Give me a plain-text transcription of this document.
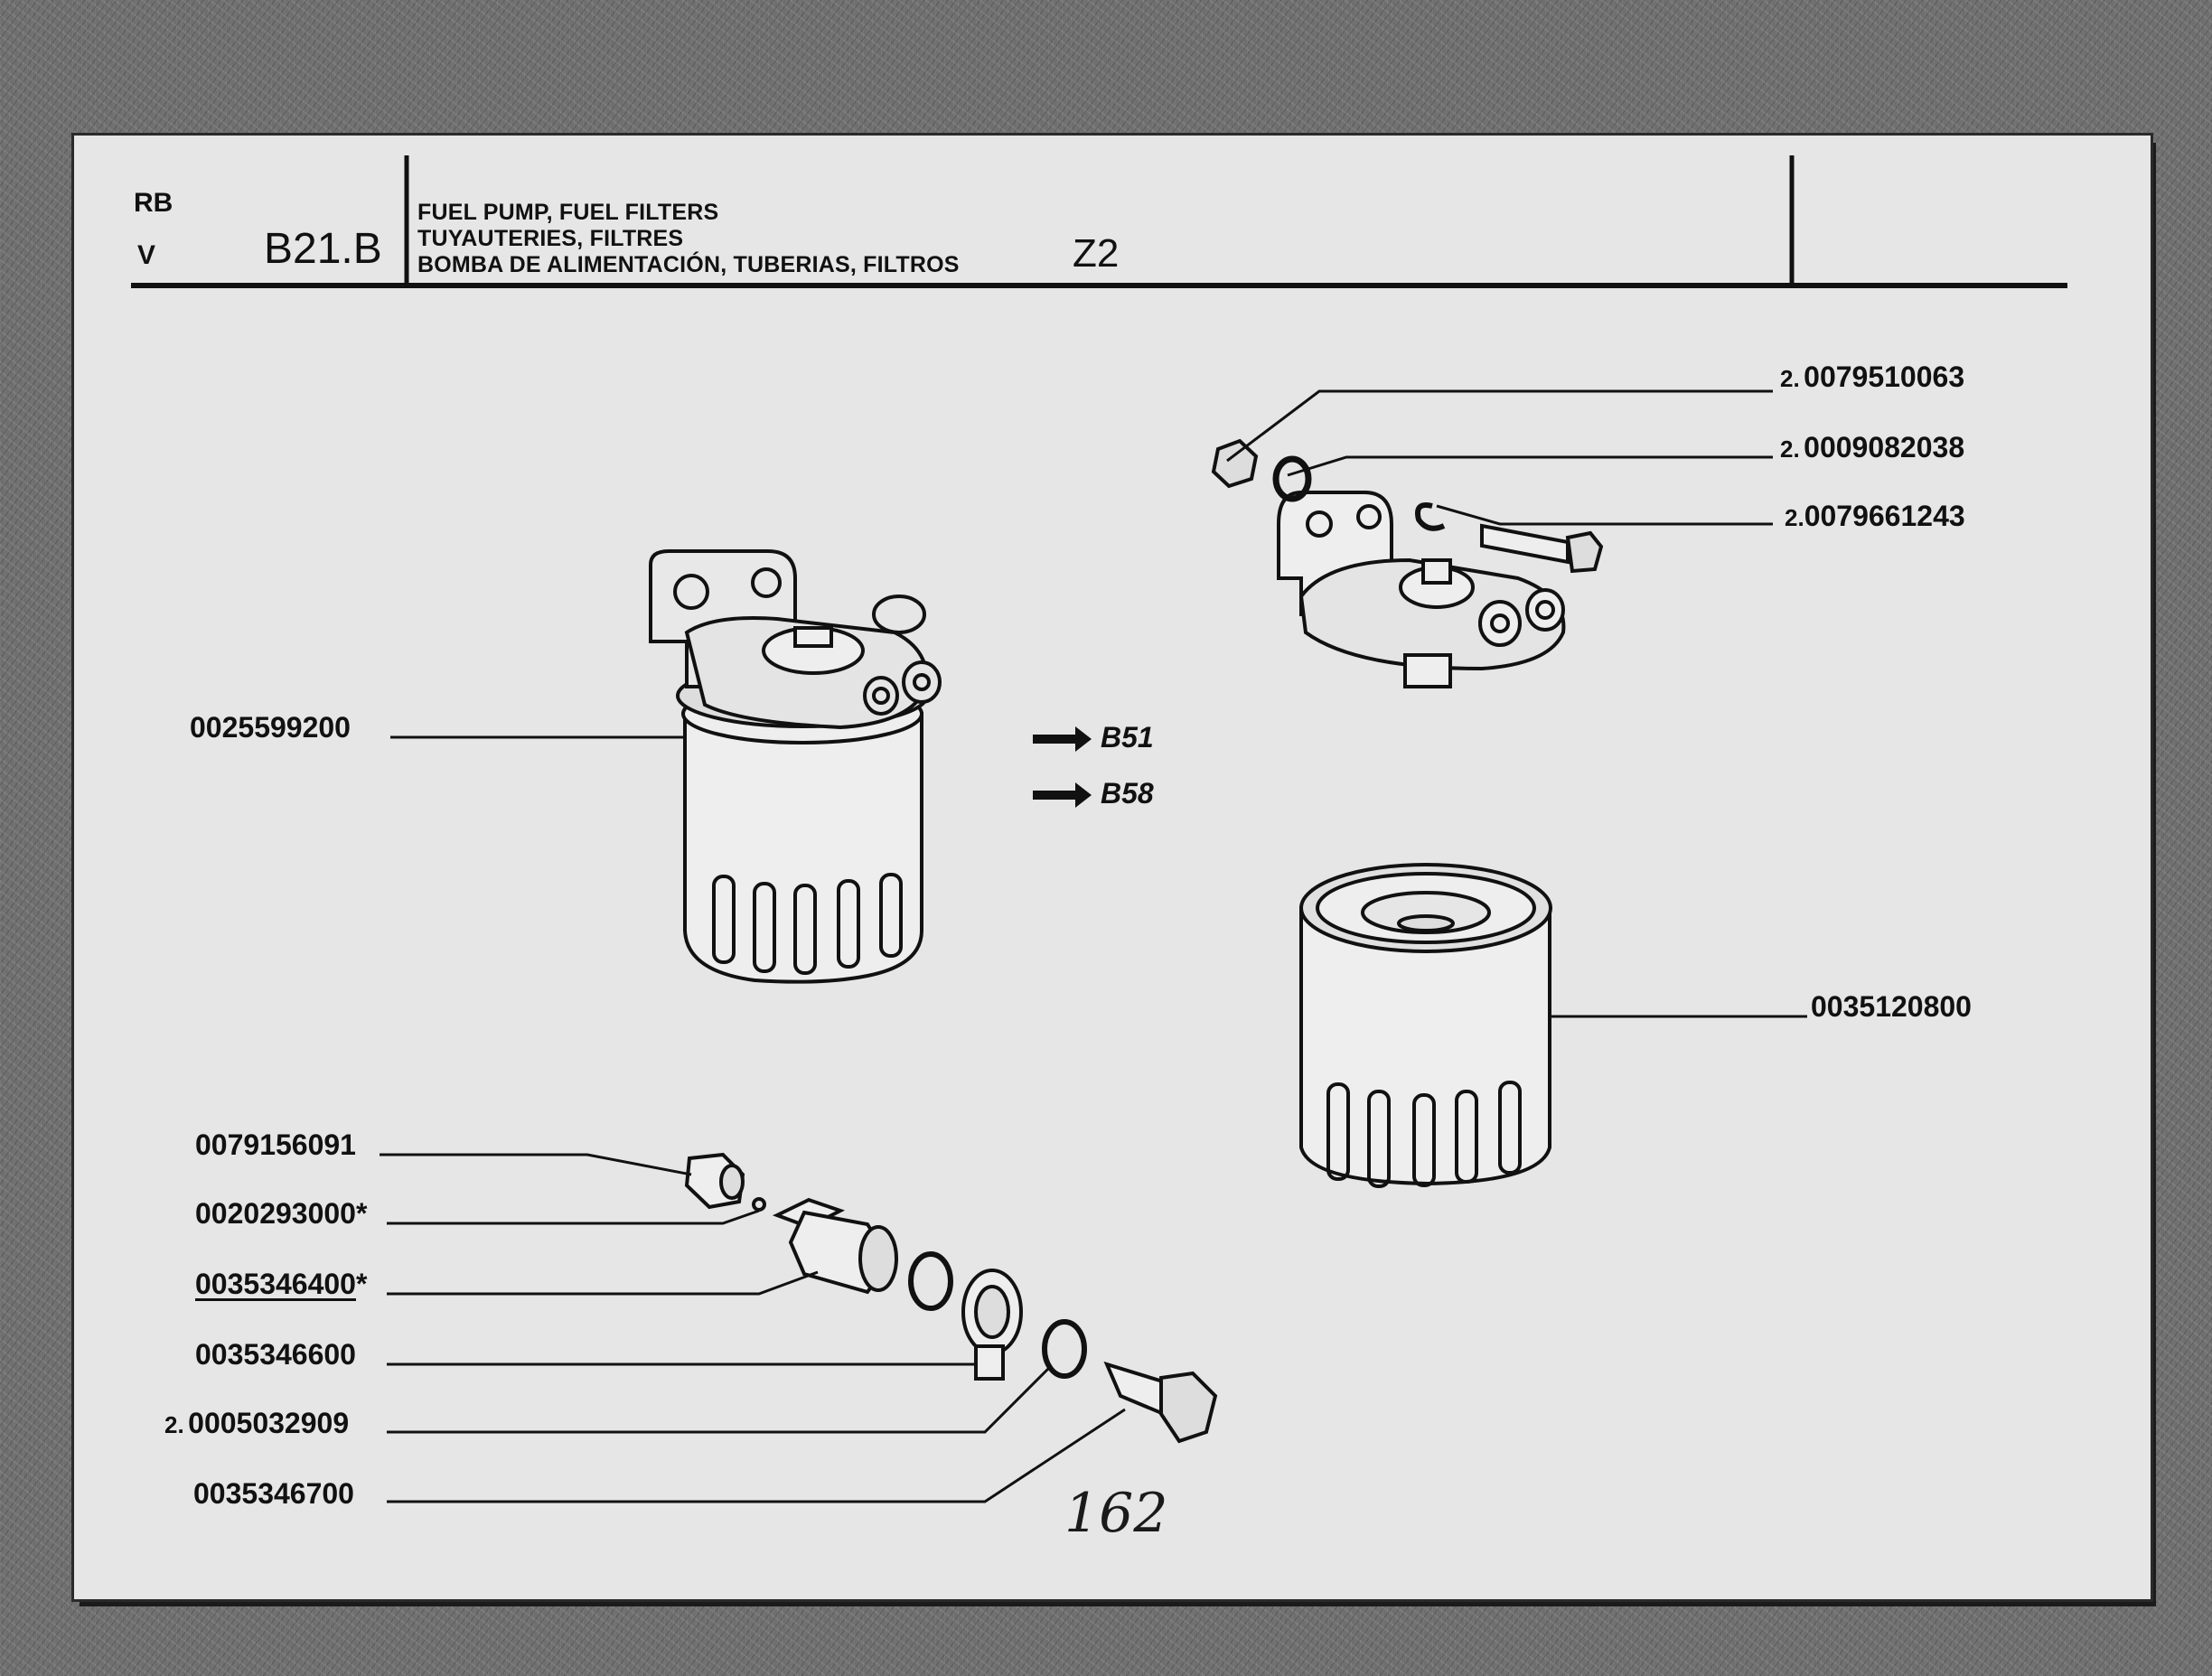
RB
V B21.B
FUEL PUMP, FUEL FILTERS
TUYAUTERIES, FILTRES
BOMBA DE ALIMENTACIÓN, TUBERIAS, FILTROS	Z2
B51
B58
2. 0079510063
2. 0009082038
2.0079661243
0035120800
0025599200
0079156091
0020293000*
0035346400*
0035346600
2. 0005032909
0035346700	162
